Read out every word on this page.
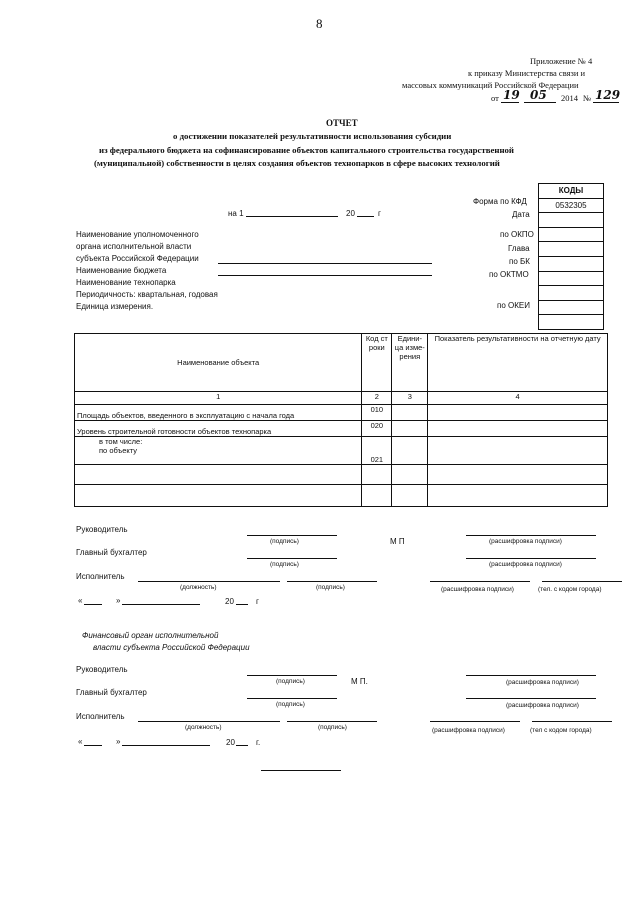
8
Приложение № 4
к приказу Министерства связи и
массовых коммуникаций Российской Федерации
от 19 05 2014 № 129
ОТЧЕТ
о достижении показателей результативности использования субсидии
из федерального бюджета на софинансирование объектов капитального строительства государственной
(муниципальной) собственности в целях создания объектов технопарков в сфере высоких технологий
КОДЫ
0532305
Форма по КФД
Дата
по ОКПО
Глава
по БК
по ОКТМО
по ОКЕИ
на 1	20	г
Наименование уполномоченного
органа исполнительной власти
субъекта Российской Федерации
Наименование бюджета
Наименование технопарка
Периодичность: квартальная, годовая
Единица измерения.
Наименование объекта	Код строки	Едини-ца изме-рения	Показатель результативности на отчетную дату
1	2	3	4
Площадь объектов, введенного в эксплуатацию с начала года	010		
Уровень строительной готовности объектов технопарка	020		

в том числе:
по объекту	021		

Руководитель
(подпись)	М П	(расшифровка подписи)
Главный бухгалтер
(подпись)	(расшифровка подписи)
Исполнитель
(должность)	(подпись)	(расшифровка подписи)	(тел. с кодом города)
«	»	20	г
Финансовый орган исполнительной
власти субъекта Российской Федерации
Руководитель
(подпись)	М П.	(расшифровка подписи)
Главный бухгалтер
(подпись)	(расшифровка подписи)
Исполнитель
(должность)	(подпись)	(расшифровка подписи)	(тел с кодом города)
«	»	20	г.
